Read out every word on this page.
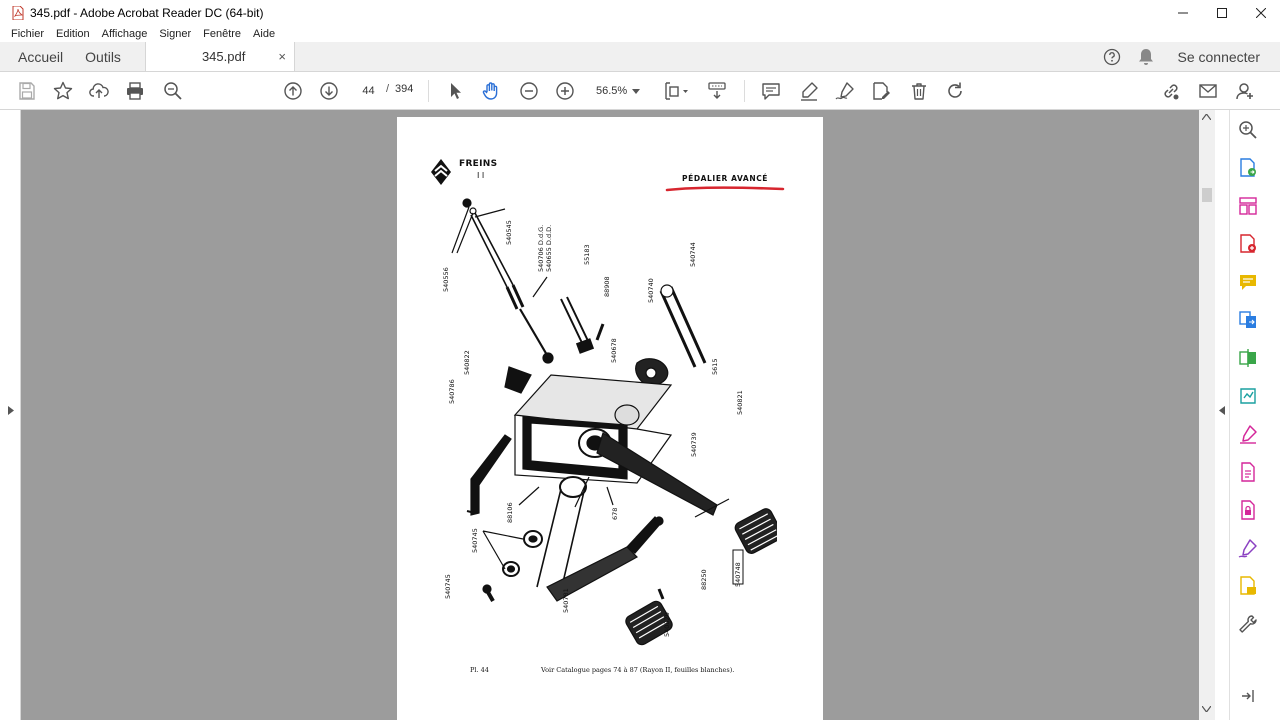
345.pdf - Adobe Acrobat Reader DC (64-bit)
Fichier	Edition	Affichage	Signer	Fenêtre	Aide
Accueil	Outils	345.pdf	×	Se connecter
44	/ 394	56.5%
FREINS
I I	PÉDALIER AVANCÉ
540545
540556
540706 D.d.G. 540655 D.d.D.	55183
88908	540740
540744
540678
5615
540822
540786	540821
540739
88106	678
540745
540745
540781
88250	540748
540820
Pl. 44	Voir Catalogue pages 74 à 87 (Rayon II, feuilles blanches).
